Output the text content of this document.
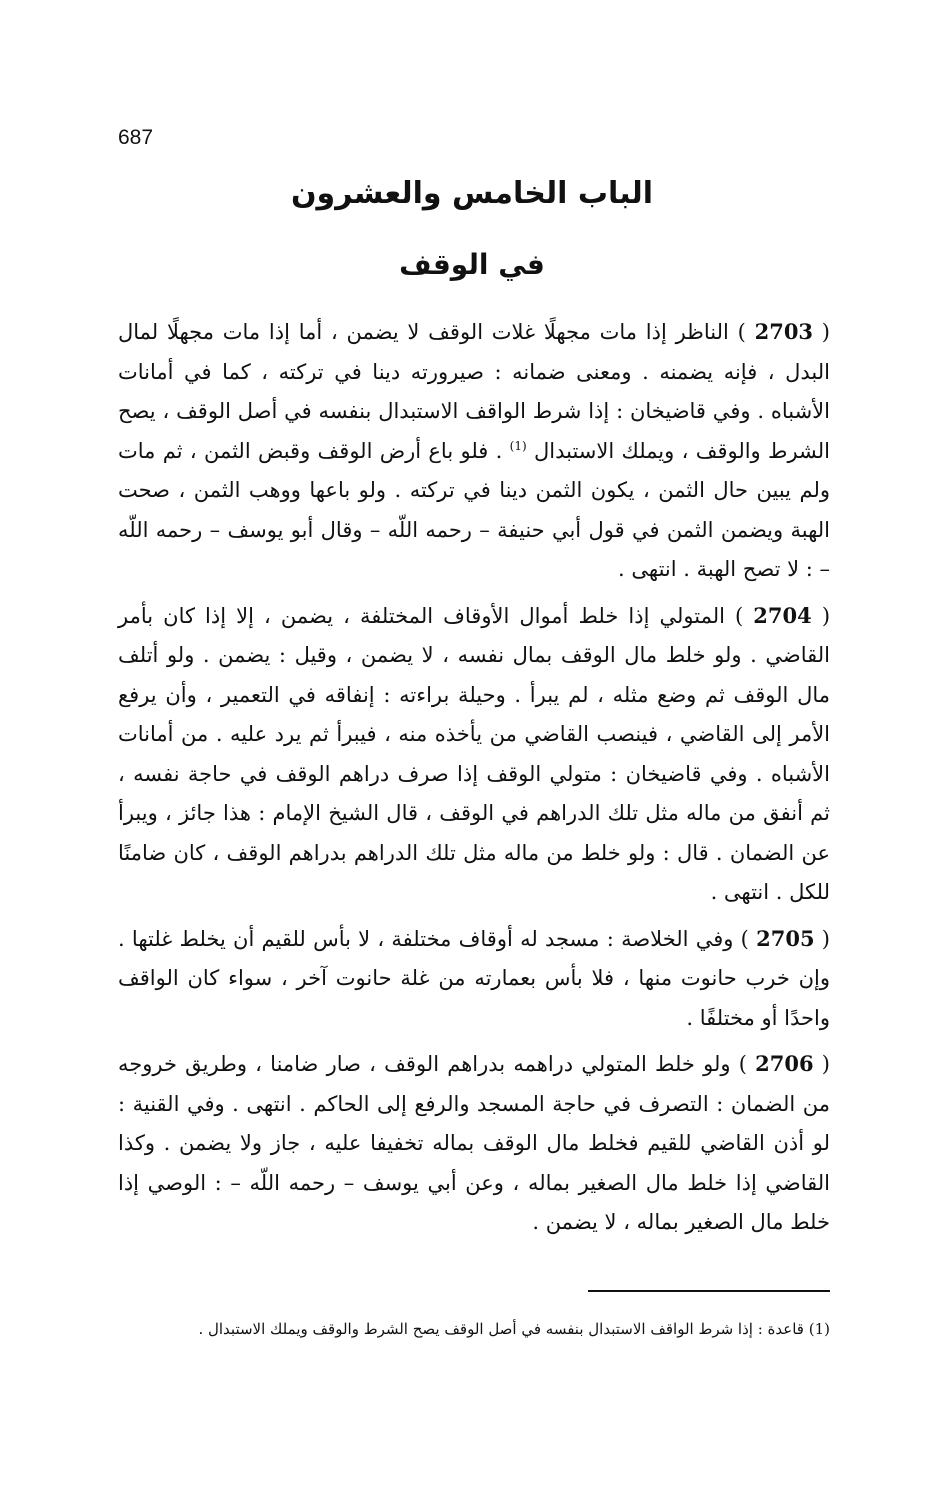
687
الباب الخامس والعشرون
في الوقف

( 2703 ) الناظر إذا مات مجهلًا غلات الوقف لا يضمن ، أما إذا مات مجهلًا لمال البدل ، فإنه يضمنه . ومعنى ضمانه : صيرورته دينا في تركته ، كما في أمانات الأشباه . وفي قاضيخان : إذا شرط الواقف الاستبدال بنفسه في أصل الوقف ، يصح الشرط والوقف ، ويملك الاستبدال $^{(1)}$ . فلو باع أرض الوقف وقبض الثمن ، ثم مات ولم يبين حال الثمن ، يكون الثمن دينا في تركته . ولو باعها ووهب الثمن ، صحت الهبة ويضمن الثمن في قول أبي حنيفة – رحمه اللّه – وقال أبو يوسف – رحمه اللّه – : لا تصح الهبة . انتهى .

( 2704 ) المتولي إذا خلط أموال الأوقاف المختلفة ، يضمن ، إلا إذا كان بأمر القاضي . ولو خلط مال الوقف بمال نفسه ، لا يضمن ، وقيل : يضمن . ولو أتلف مال الوقف ثم وضع مثله ، لم يبرأ . وحيلة براءته : إنفاقه في التعمير ، وأن يرفع الأمر إلى القاضي ، فينصب القاضي من يأخذه منه ، فيبرأ ثم يرد عليه . من أمانات الأشباه . وفي قاضيخان : متولي الوقف إذا صرف دراهم الوقف في حاجة نفسه ، ثم أنفق من ماله مثل تلك الدراهم في الوقف ، قال الشيخ الإمام : هذا جائز ، ويبرأ عن الضمان . قال : ولو خلط من ماله مثل تلك الدراهم بدراهم الوقف ، كان ضامنًا للكل . انتهى .

( 2705 ) وفي الخلاصة : مسجد له أوقاف مختلفة ، لا بأس للقيم أن يخلط غلتها . وإن خرب حانوت منها ، فلا بأس بعمارته من غلة حانوت آخر ، سواء كان الواقف واحدًا أو مختلفًا .

( 2706 ) ولو خلط المتولي دراهمه بدراهم الوقف ، صار ضامنا ، وطريق خروجه من الضمان : التصرف في حاجة المسجد والرفع إلى الحاكم . انتهى . وفي القنية : لو أذن القاضي للقيم فخلط مال الوقف بماله تخفيفا عليه ، جاز ولا يضمن . وكذا القاضي إذا خلط مال الصغير بماله ، وعن أبي يوسف – رحمه اللّه – : الوصي إذا خلط مال الصغير بماله ، لا يضمن .

(1) قاعدة : إذا شرط الواقف الاستبدال بنفسه في أصل الوقف يصح الشرط والوقف ويملك الاستبدال .
